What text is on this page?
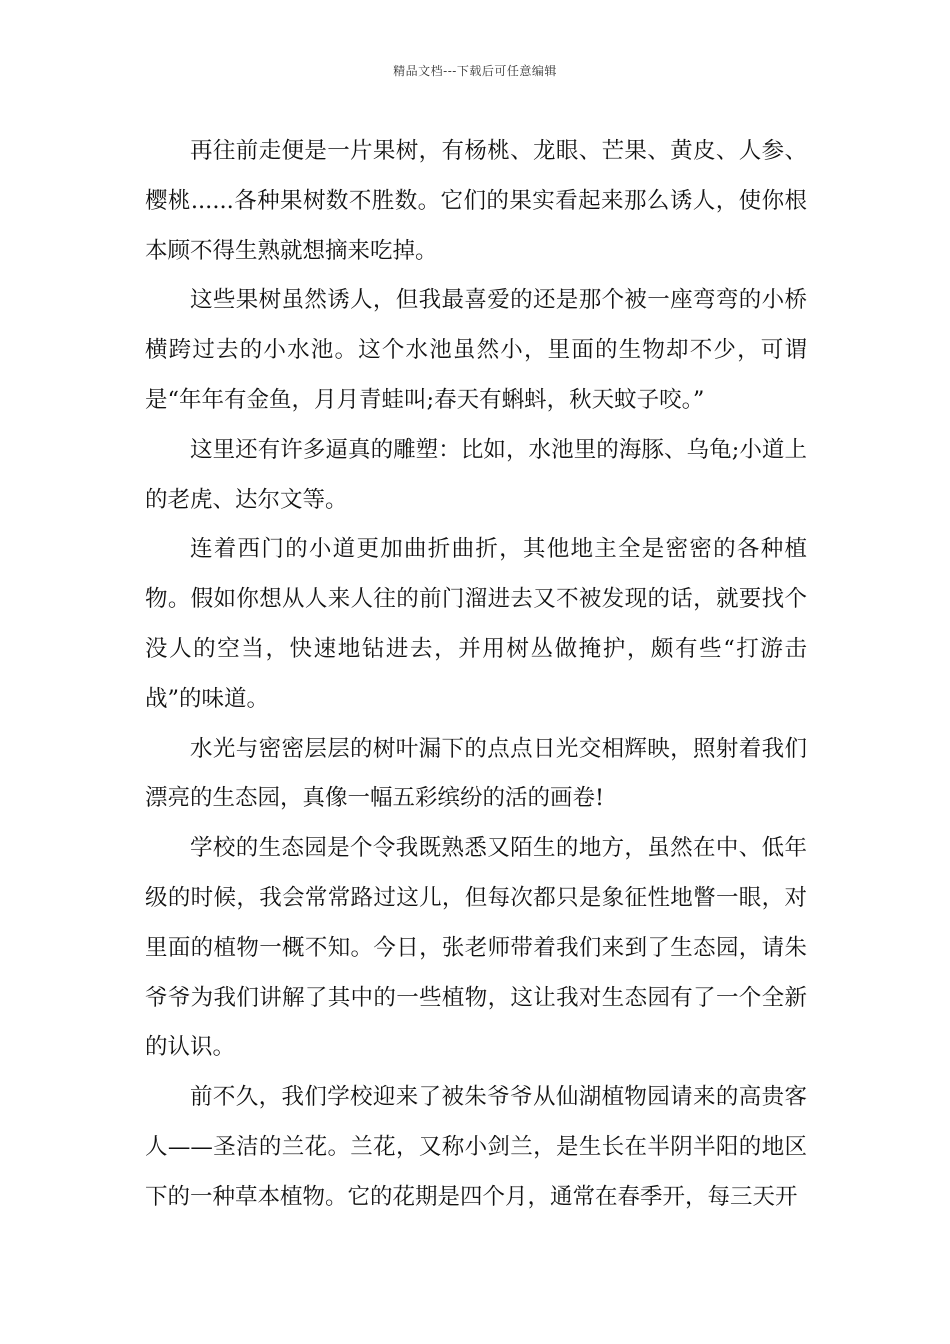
精品文档---下载后可任意编辑

再往前走便是一片果树，有杨桃、龙眼、芒果、黄皮、人参、樱桃......各种果树数不胜数。它们的果实看起来那么诱人，使你根本顾不得生熟就想摘来吃掉。

这些果树虽然诱人，但我最喜爱的还是那个被一座弯弯的小桥横跨过去的小水池。这个水池虽然小，里面的生物却不少，可谓是“年年有金鱼，月月青蛙叫;春天有蝌蚪，秋天蚊子咬。”

这里还有许多逼真的雕塑：比如，水池里的海豚、乌龟;小道上的老虎、达尔文等。

连着西门的小道更加曲折曲折，其他地主全是密密的各种植物。假如你想从人来人往的前门溜进去又不被发现的话，就要找个没人的空当，快速地钻进去，并用树丛做掩护，颇有些“打游击战”的味道。

水光与密密层层的树叶漏下的点点日光交相辉映，照射着我们漂亮的生态园，真像一幅五彩缤纷的活的画卷!

学校的生态园是个令我既熟悉又陌生的地方，虽然在中、低年级的时候，我会常常路过这儿，但每次都只是象征性地瞥一眼，对里面的植物一概不知。今日，张老师带着我们来到了生态园，请朱爷爷为我们讲解了其中的一些植物，这让我对生态园有了一个全新的认识。

前不久，我们学校迎来了被朱爷爷从仙湖植物园请来的高贵客人——圣洁的兰花。兰花，又称小剑兰，是生长在半阴半阳的地区下的一种草本植物。它的花期是四个月，通常在春季开，每三天开
